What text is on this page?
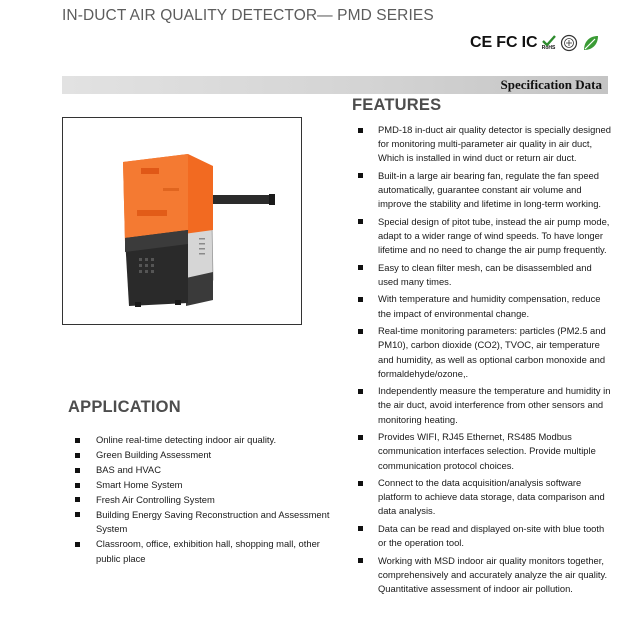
IN-DUCT AIR QUALITY DETECTOR— PMD SERIES
CE FC IC RoHS
Specification Data
FEATURES
PMD-18 in-duct air quality detector is specially designed for monitoring multi-parameter air quality in air duct, Which is installed in wind duct or return air duct.
Built-in a large air bearing fan, regulate the fan speed automatically, guarantee constant air volume and improve the stability and lifetime in long-term working.
Special design of pitot tube, instead the air pump mode, adapt to a wider range of wind speeds. To have longer lifetime and no need to change the air pump frequently.
Easy to clean filter mesh, can be disassembled and used many times.
With temperature and humidity compensation, reduce the impact of environmental change.
Real-time monitoring parameters: particles (PM2.5 and PM10), carbon dioxide (CO2), TVOC, air temperature and humidity, as well as optional carbon monoxide and formaldehyde/ozone,.
Independently measure the temperature and humidity in the air duct, avoid interference from other sensors and monitoring heating.
Provides WIFI, RJ45 Ethernet, RS485 Modbus communication interfaces selection. Provide multiple communication protocol choices.
Connect to the data acquisition/analysis software platform to achieve data storage, data comparison and data analysis.
Data can be read and displayed on-site with blue tooth or the operation tool.
Working with MSD indoor air quality monitors together, comprehensively and accurately analyze the air quality. Quantitative assessment of indoor air pollution.
APPLICATION
Online real-time detecting indoor air quality.
Green Building Assessment
BAS and HVAC
Smart Home System
Fresh Air Controlling System
Building Energy Saving Reconstruction and Assessment System
Classroom, office, exhibition hall, shopping mall, other public place
